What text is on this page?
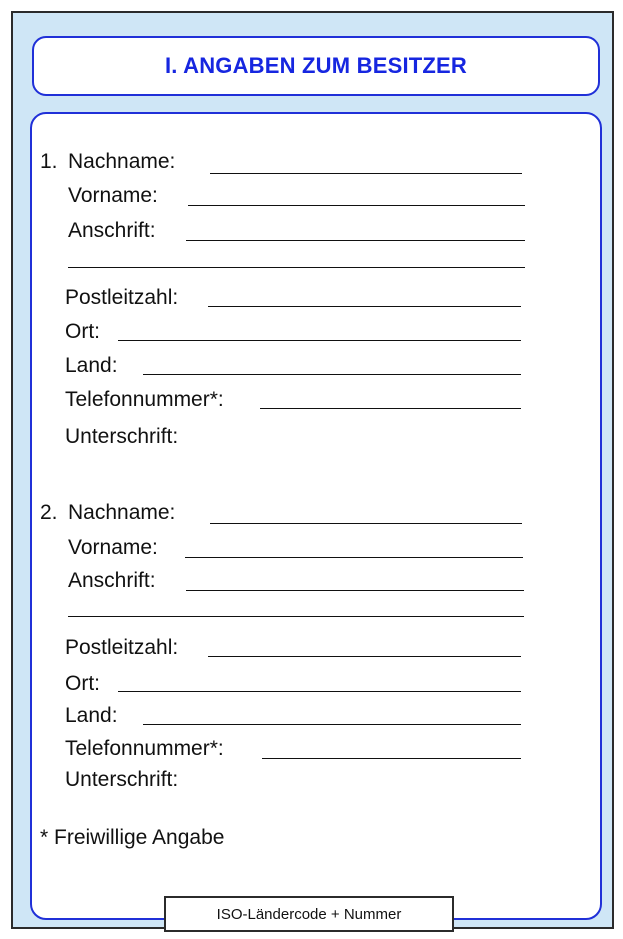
I. ANGABEN ZUM BESITZER
1. Nachname:
Vorname:
Anschrift:
Postleitzahl:
Ort:
Land:
Telefonnummer*:
Unterschrift:
2. Nachname:
Vorname:
Anschrift:
Postleitzahl:
Ort:
Land:
Telefonnummer*:
Unterschrift:
* Freiwillige Angabe
ISO-Ländercode + Nummer
